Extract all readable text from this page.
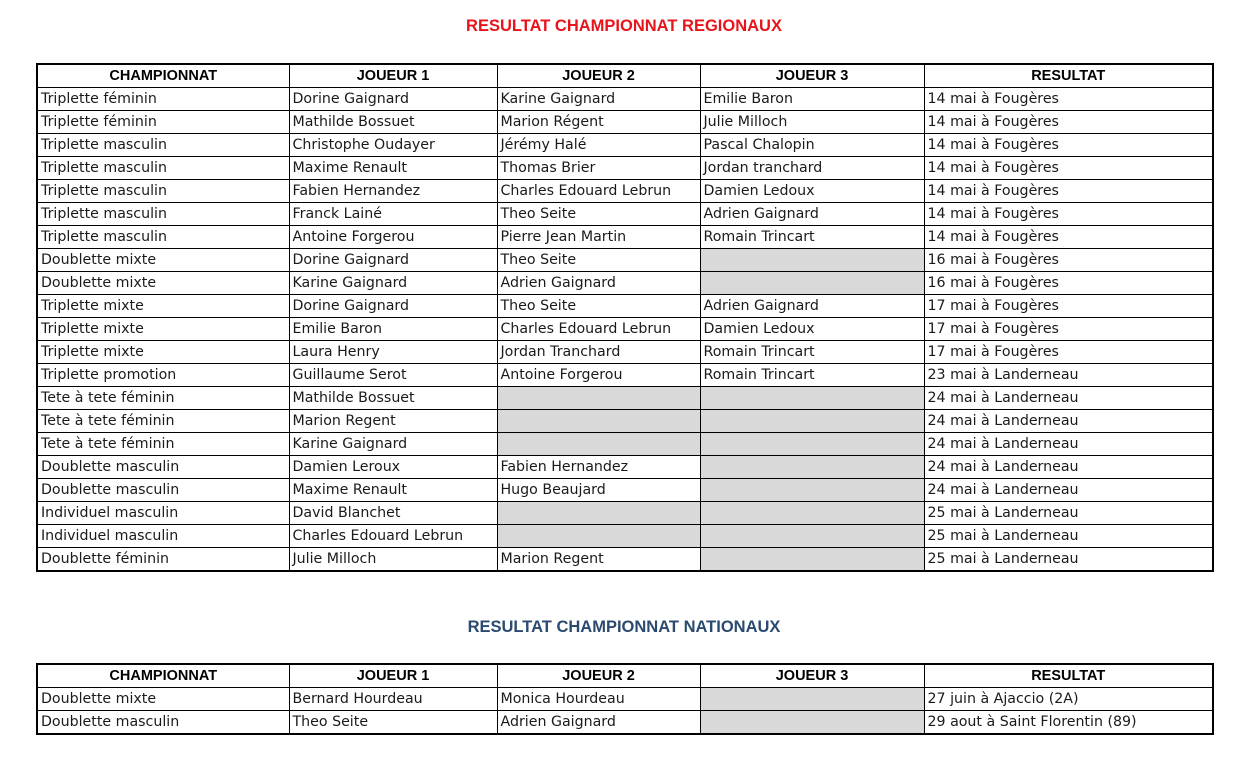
RESULTAT CHAMPIONNAT REGIONAUX
CHAMPIONNAT	JOUEUR 1	JOUEUR 2	JOUEUR 3	RESULTAT
Triplette féminin	Dorine Gaignard	Karine Gaignard	Emilie Baron	14 mai à Fougères
Triplette féminin	Mathilde Bossuet	Marion Régent	Julie Milloch	14 mai à Fougères
Triplette masculin	Christophe Oudayer	Jérémy Halé	Pascal Chalopin	14 mai à Fougères
Triplette masculin	Maxime Renault	Thomas Brier	Jordan tranchard	14 mai à Fougères
Triplette masculin	Fabien Hernandez	Charles Edouard Lebrun	Damien Ledoux	14 mai à Fougères
Triplette masculin	Franck Lainé	Theo Seite	Adrien Gaignard	14 mai à Fougères
Triplette masculin	Antoine Forgerou	Pierre Jean Martin	Romain Trincart	14 mai à Fougères
Doublette mixte	Dorine Gaignard	Theo Seite		16 mai à Fougères
Doublette mixte	Karine Gaignard	Adrien Gaignard		16 mai à Fougères
Triplette mixte	Dorine Gaignard	Theo Seite	Adrien Gaignard	17 mai à Fougères
Triplette mixte	Emilie Baron	Charles Edouard Lebrun	Damien Ledoux	17 mai à Fougères
Triplette mixte	Laura Henry	Jordan Tranchard	Romain Trincart	17 mai à Fougères
Triplette promotion	Guillaume Serot	Antoine Forgerou	Romain Trincart	23 mai à Landerneau
Tete à tete féminin	Mathilde Bossuet			24 mai à Landerneau
Tete à tete féminin	Marion Regent			24 mai à Landerneau
Tete à tete féminin	Karine Gaignard			24 mai à Landerneau
Doublette masculin	Damien Leroux	Fabien Hernandez		24 mai à Landerneau
Doublette masculin	Maxime Renault	Hugo Beaujard		24 mai à Landerneau
Individuel masculin	David Blanchet			25 mai à Landerneau
Individuel masculin	Charles Edouard Lebrun			25 mai à Landerneau
Doublette féminin	Julie Milloch	Marion Regent		25 mai à Landerneau
RESULTAT CHAMPIONNAT NATIONAUX
CHAMPIONNAT	JOUEUR 1	JOUEUR 2	JOUEUR 3	RESULTAT
Doublette mixte	Bernard Hourdeau	Monica Hourdeau		27 juin à Ajaccio (2A)
Doublette masculin	Theo Seite	Adrien Gaignard		29 aout à Saint Florentin (89)
